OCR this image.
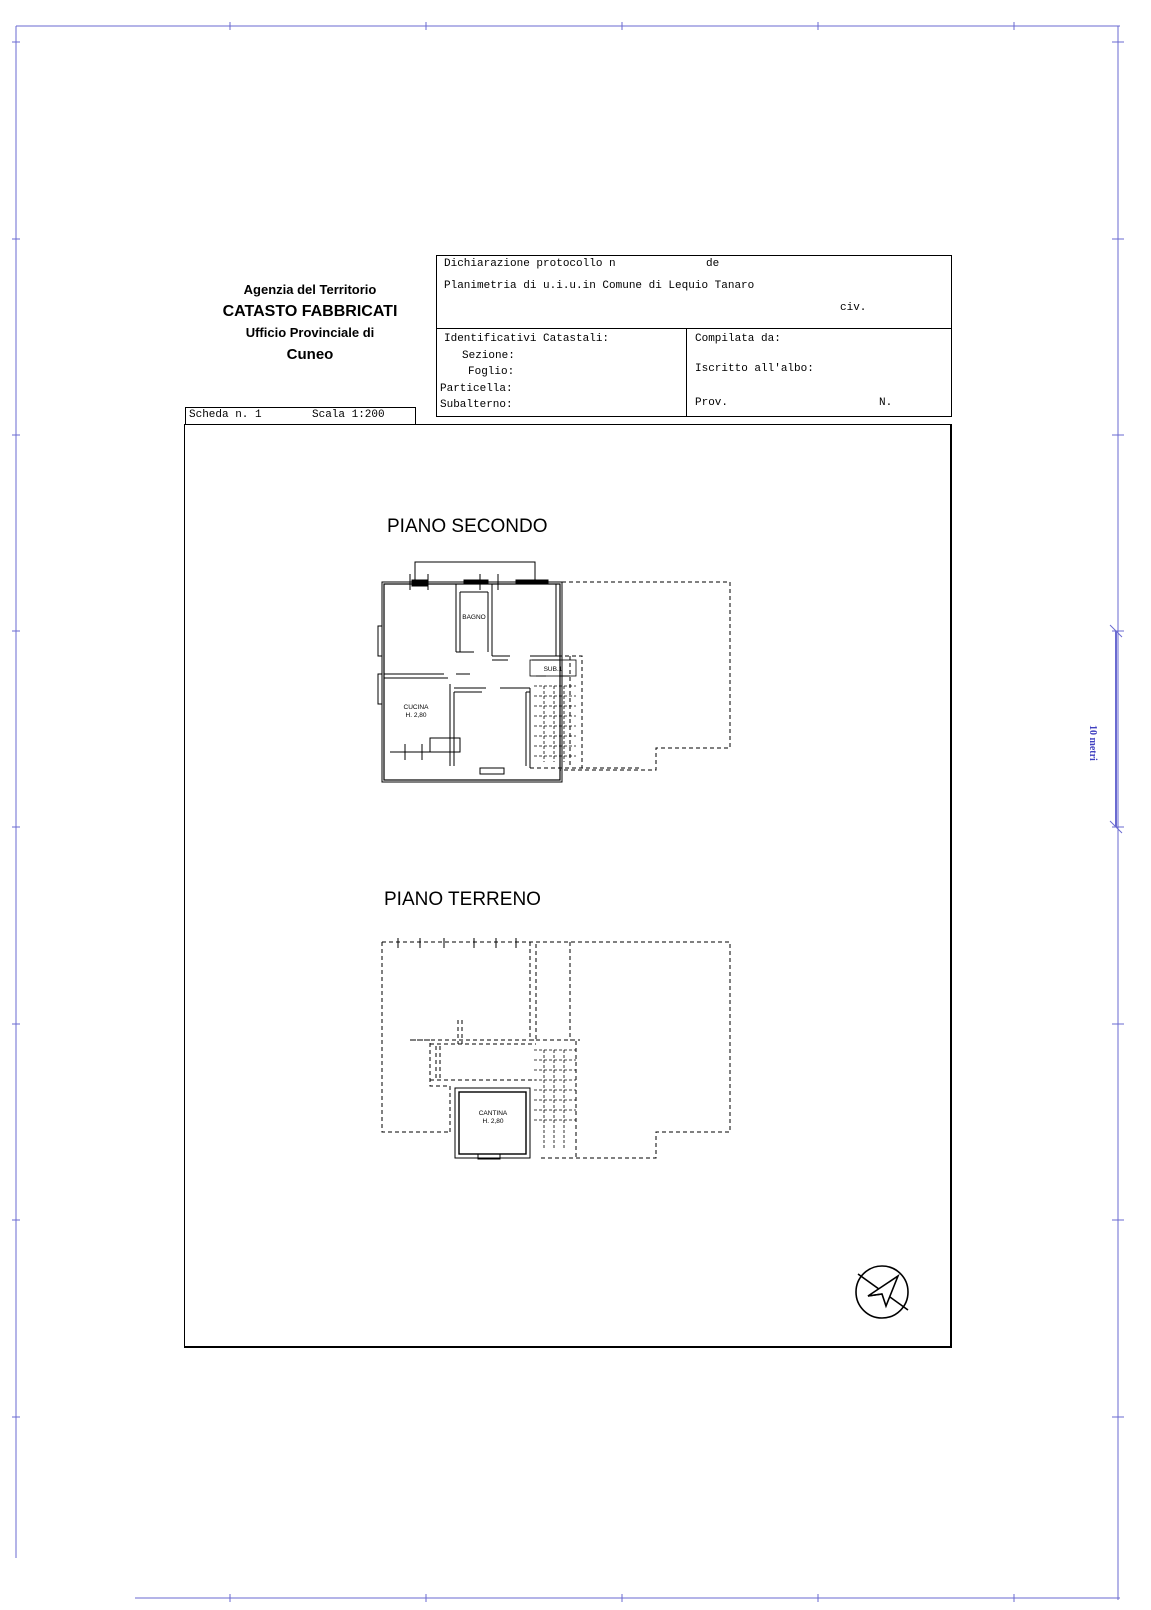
10 metri
Agenzia del Territorio
CATASTO FABBRICATI
Ufficio Provinciale di
Cuneo
Dichiarazione protocollo n	de
Planimetria di u.i.u.in Comune di Lequio Tanaro
civ.
Identificativi Catastali:
Sezione:
Foglio:
Particella:
Subalterno:
Compilata da:
Iscritto all'albo:
Prov.	N.
Scheda n. 1	Scala 1:200
PIANO SECONDO
PIANO TERRENO
BAGNO
CUCINA
H. 2,80
SUB.1
CANTINA
H. 2,80
